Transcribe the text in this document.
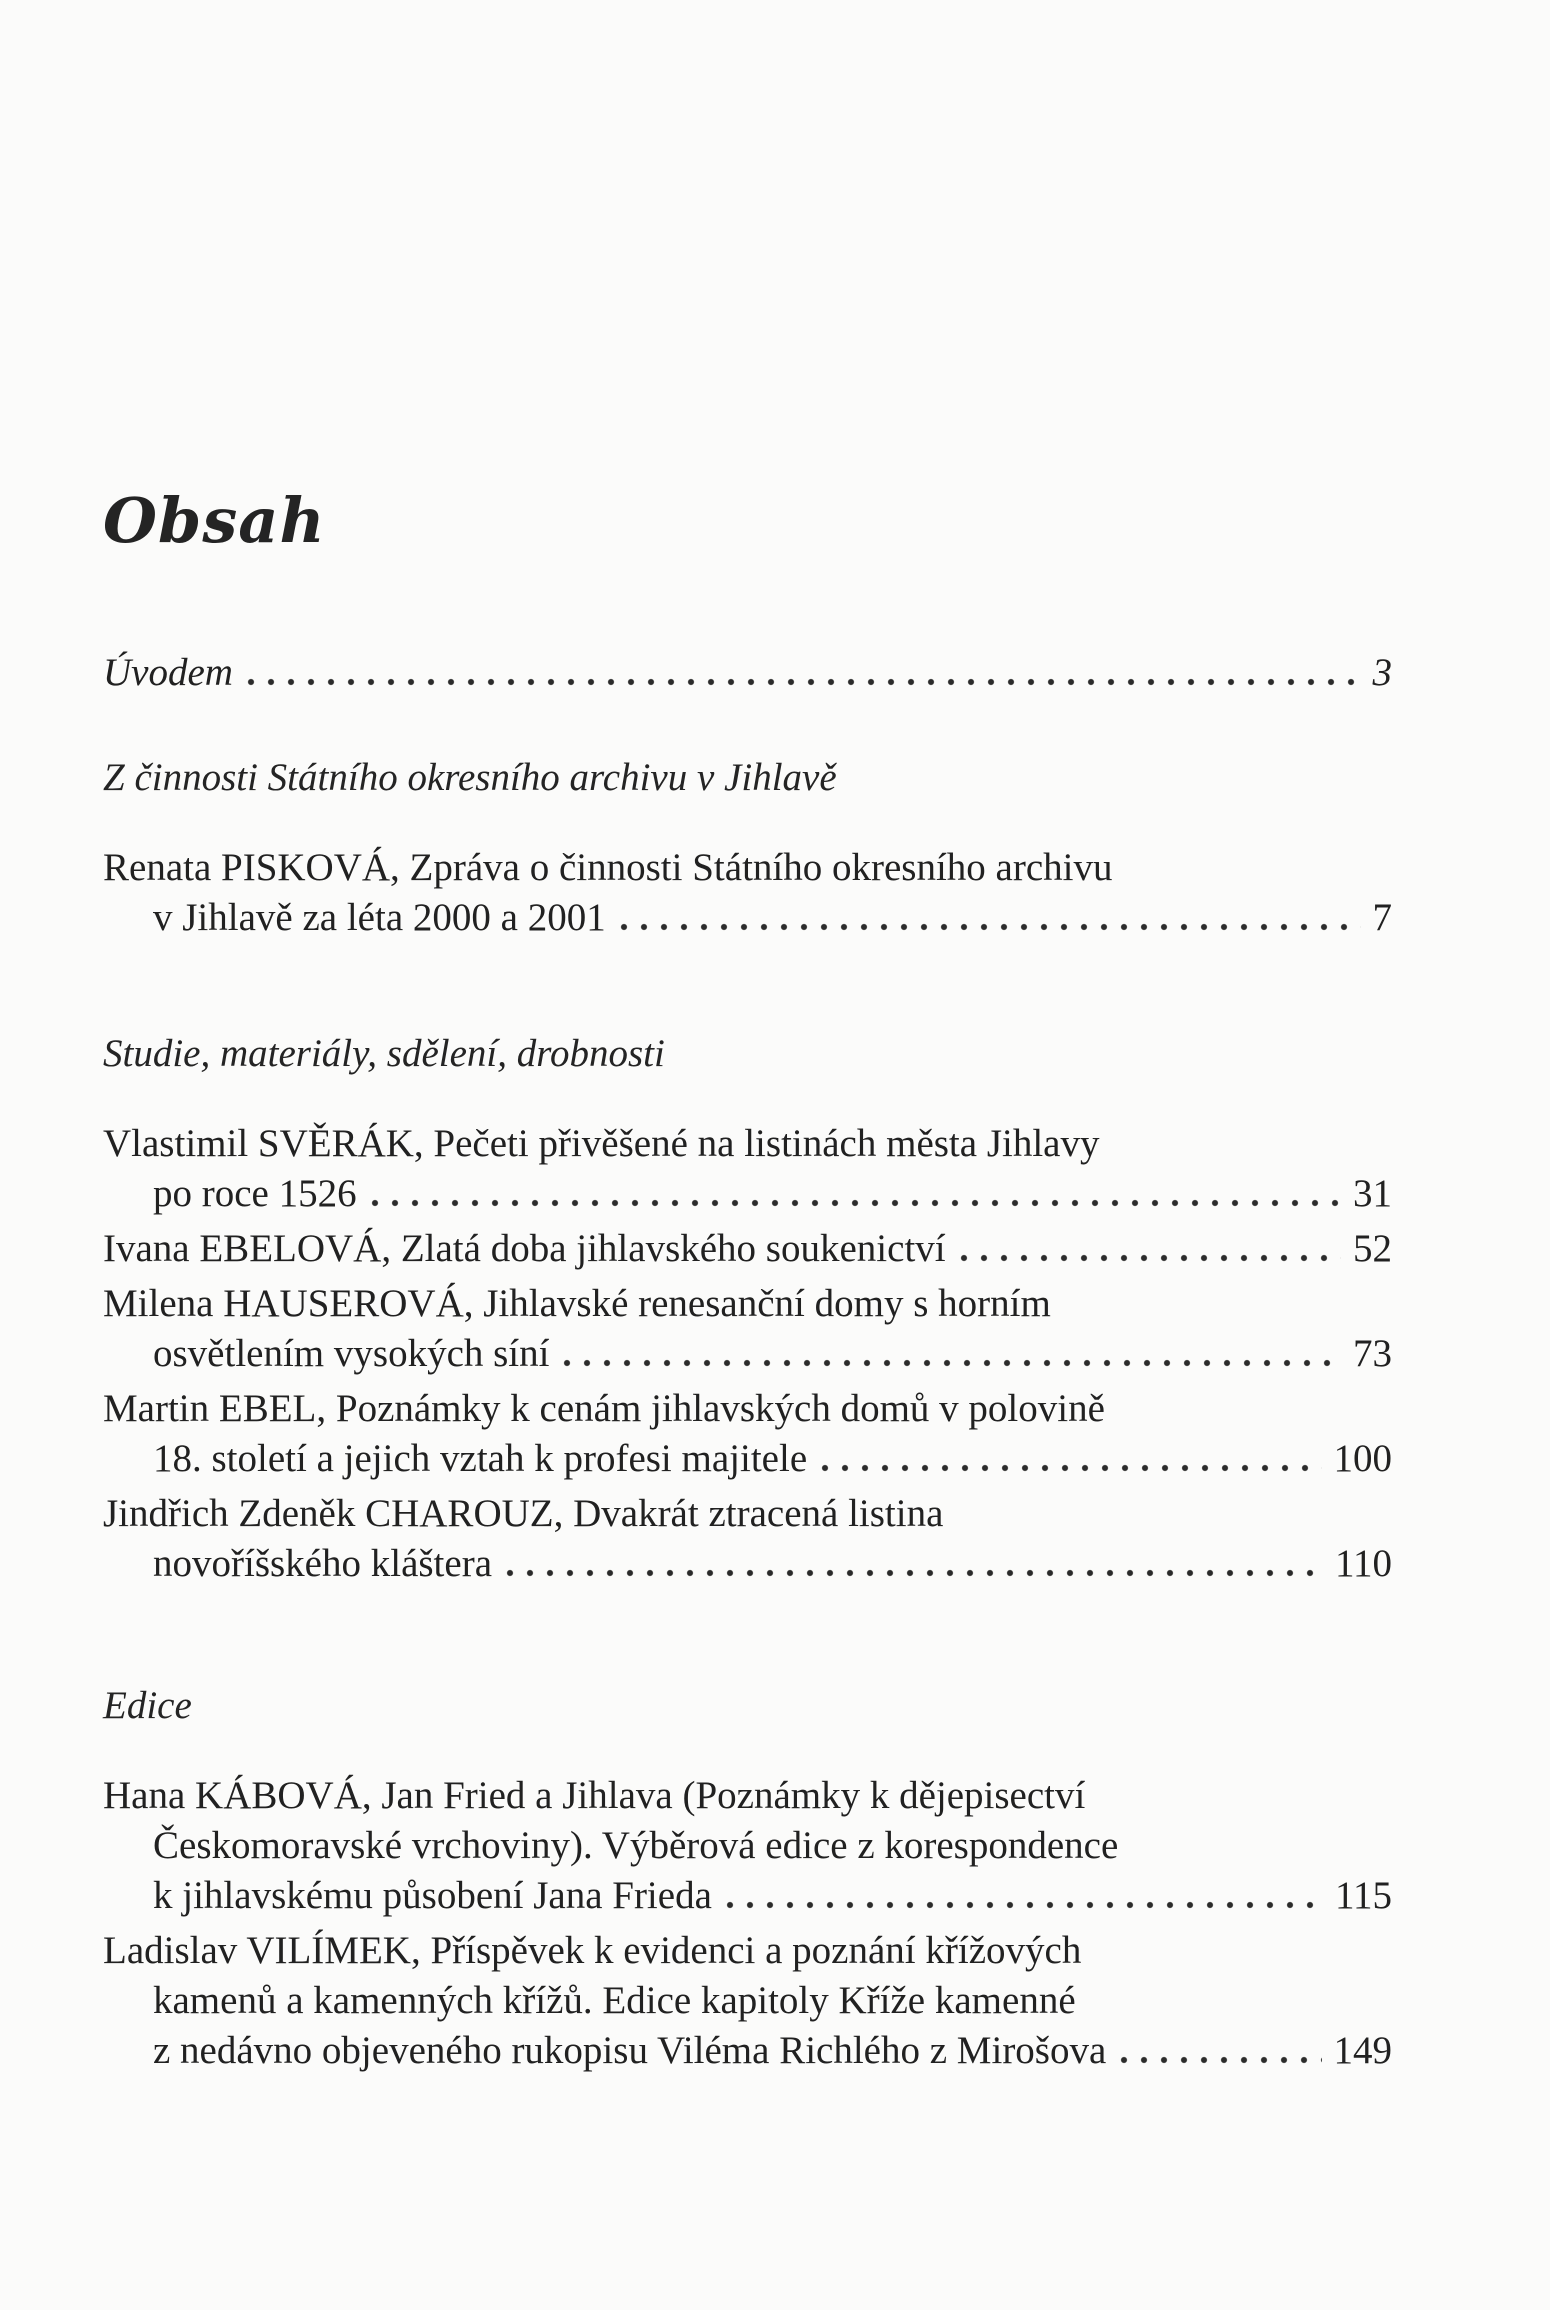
Obsah
Úvodem	3
Z činnosti Státního okresního archivu v Jihlavě
Renata PISKOVÁ, Zpráva o činnosti Státního okresního archivu
v Jihlavě za léta 2000 a 2001	7
Studie, materiály, sdělení, drobnosti
Vlastimil SVĚRÁK, Pečeti přivěšené na listinách města Jihlavy
po roce 1526	31
Ivana EBELOVÁ, Zlatá doba jihlavského soukenictví	52
Milena HAUSEROVÁ, Jihlavské renesanční domy s horním
osvětlením vysokých síní	73
Martin EBEL, Poznámky k cenám jihlavských domů v polovině
18. století a jejich vztah k profesi majitele	100
Jindřich Zdeněk CHAROUZ, Dvakrát ztracená listina
novoříšského kláštera	110
Edice
Hana KÁBOVÁ, Jan Fried a Jihlava (Poznámky k dějepisectví
Českomoravské vrchoviny). Výběrová edice z korespondence
k jihlavskému působení Jana Frieda	115
Ladislav VILÍMEK, Příspěvek k evidenci a poznání křížových
kamenů a kamenných křížů. Edice kapitoly Kříže kamenné
z nedávno objeveného rukopisu Viléma Richlého z Mirošova	149
